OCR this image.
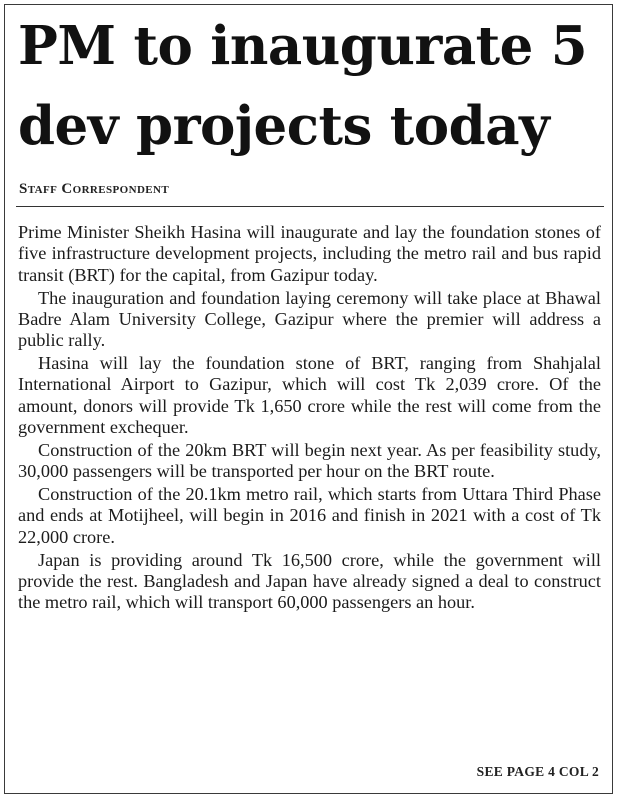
PM to inaugurate 5 dev projects today
Staff Correspondent

Prime Minister Sheikh Hasina will inaugurate and lay the foundation stones of five infrastructure development projects, including the metro rail and bus rapid transit (BRT) for the capital, from Gazipur today.

The inauguration and foundation laying ceremony will take place at Bhawal Badre Alam University College, Gazipur where the premier will address a public rally.

Hasina will lay the foundation stone of BRT, ranging from Shahjalal International Airport to Gazipur, which will cost Tk 2,039 crore. Of the amount, donors will provide Tk 1,650 crore while the rest will come from the government exchequer.

Construction of the 20km BRT will begin next year. As per feasibility study, 30,000 passengers will be transported per hour on the BRT route.

Construction of the 20.1km metro rail, which starts from Uttara Third Phase and ends at Motijheel, will begin in 2016 and finish in 2021 with a cost of Tk 22,000 crore.

Japan is providing around Tk 16,500 crore, while the government will provide the rest. Bangladesh and Japan have already signed a deal to construct the metro rail, which will transport 60,000 passengers an hour.

SEE PAGE 4 COL 2
